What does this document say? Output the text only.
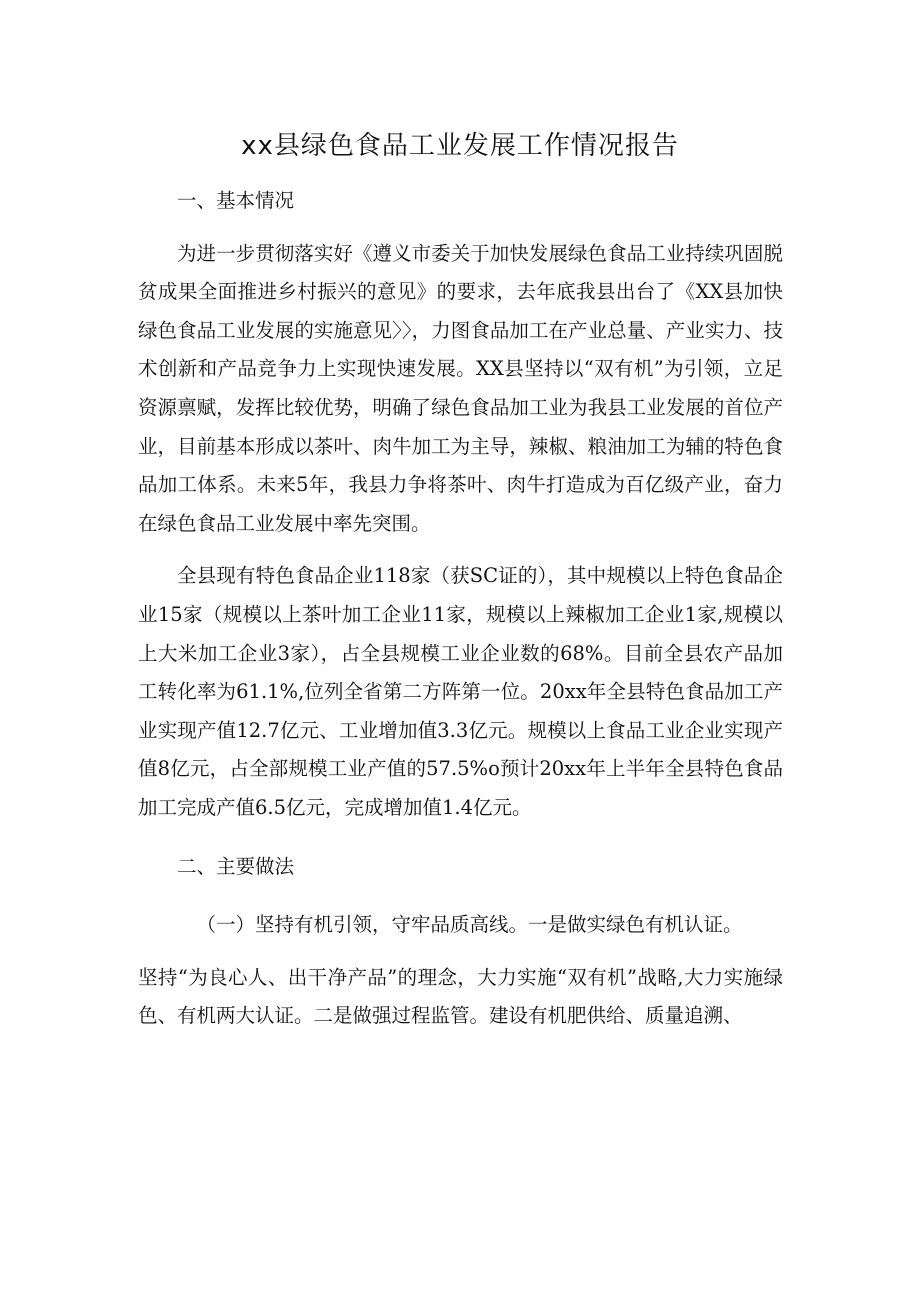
xx县绿色食品工业发展工作情况报告

一、基本情况

为进一步贯彻落实好《遵义市委关于加快发展绿色食品工业持续巩固脱贫成果全面推进乡村振兴的意见》的要求，去年底我县出台了《XX县加快绿色食品工业发展的实施意见〉〉，力图食品加工在产业总量、产业实力、技术创新和产品竞争力上实现快速发展。XX县坚持以“双有机”为引领，立足资源禀赋，发挥比较优势，明确了绿色食品加工业为我县工业发展的首位产业，目前基本形成以茶叶、肉牛加工为主导，辣椒、粮油加工为辅的特色食品加工体系。未来5年，我县力争将茶叶、肉牛打造成为百亿级产业，奋力在绿色食品工业发展中率先突围。

全县现有特色食品企业118家（获SC证的），其中规模以上特色食品企业15家（规模以上茶叶加工企业11家，规模以上辣椒加工企业1家,规模以上大米加工企业3家），占全县规模工业企业数的68%。目前全县农产品加工转化率为61.1%,位列全省第二方阵第一位。20xx年全县特色食品加工产业实现产值12.7亿元、工业增加值3.3亿元。规模以上食品工业企业实现产值8亿元，占全部规模工业产值的57.5%o预计20xx年上半年全县特色食品加工完成产值6.5亿元，完成增加值1.4亿元。

二、主要做法

（一）坚持有机引领，守牢品质高线。一是做实绿色有机认证。

坚持“为良心人、出干净产品”的理念，大力实施“双有机”战略,大力实施绿色、有机两大认证。二是做强过程监管。建设有机肥供给、质量追溯、
